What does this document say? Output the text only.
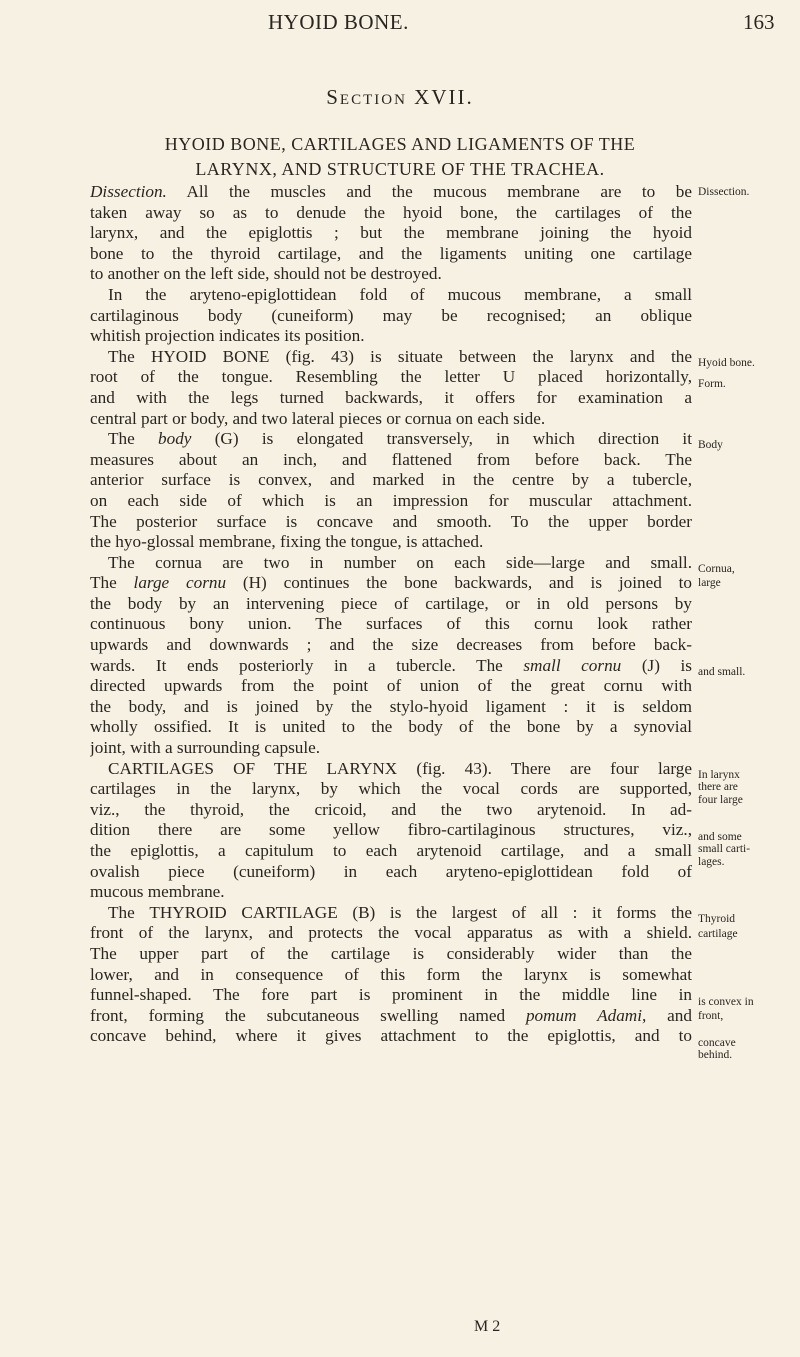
HYOID BONE.	163
Section XVII.
HYOID BONE, CARTILAGES AND LIGAMENTS OF THE
LARYNX, AND STRUCTURE OF THE TRACHEA.
Dissection. All the muscles and the mucous membrane are to be
taken away so as to denude the hyoid bone, the cartilages of the
larynx, and the epiglottis ; but the membrane joining the hyoid
bone to the thyroid cartilage, and the ligaments uniting one cartilage
to another on the left side, should not be destroyed.
In the aryteno-epiglottidean fold of mucous membrane, a small
cartilaginous body (cuneiform) may be recognised; an oblique
whitish projection indicates its position.
The HYOID BONE (fig. 43) is situate between the larynx and the
root of the tongue. Resembling the letter U placed horizontally,
and with the legs turned backwards, it offers for examination a
central part or body, and two lateral pieces or cornua on each side.
The body (G) is elongated transversely, in which direction it
measures about an inch, and flattened from before back. The
anterior surface is convex, and marked in the centre by a tubercle,
on each side of which is an impression for muscular attachment.
The posterior surface is concave and smooth. To the upper border
the hyo-glossal membrane, fixing the tongue, is attached.
The cornua are two in number on each side—large and small.
The large cornu (H) continues the bone backwards, and is joined to
the body by an intervening piece of cartilage, or in old persons by
continuous bony union. The surfaces of this cornu look rather
upwards and downwards ; and the size decreases from before back-
wards. It ends posteriorly in a tubercle. The small cornu (J) is
directed upwards from the point of union of the great cornu with
the body, and is joined by the stylo-hyoid ligament : it is seldom
wholly ossified. It is united to the body of the bone by a synovial
joint, with a surrounding capsule.
CARTILAGES OF THE LARYNX (fig. 43). There are four large
cartilages in the larynx, by which the vocal cords are supported,
viz., the thyroid, the cricoid, and the two arytenoid. In ad-
dition there are some yellow fibro-cartilaginous structures, viz.,
the epiglottis, a capitulum to each arytenoid cartilage, and a small
ovalish piece (cuneiform) in each aryteno-epiglottidean fold of
mucous membrane.
The THYROID CARTILAGE (B) is the largest of all : it forms the
front of the larynx, and protects the vocal apparatus as with a shield.
The upper part of the cartilage is considerably wider than the
lower, and in consequence of this form the larynx is somewhat
funnel-shaped. The fore part is prominent in the middle line in
front, forming the subcutaneous swelling named pomum Adami, and
concave behind, where it gives attachment to the epiglottis, and to
Dissection.
Hyoid bone.
Form.
Body
Cornua,
large
and small.
In larynx
there are
four large
and some
small carti-
lages.
Thyroid
cartilage
is convex in
front,
concave
behind.
M 2
